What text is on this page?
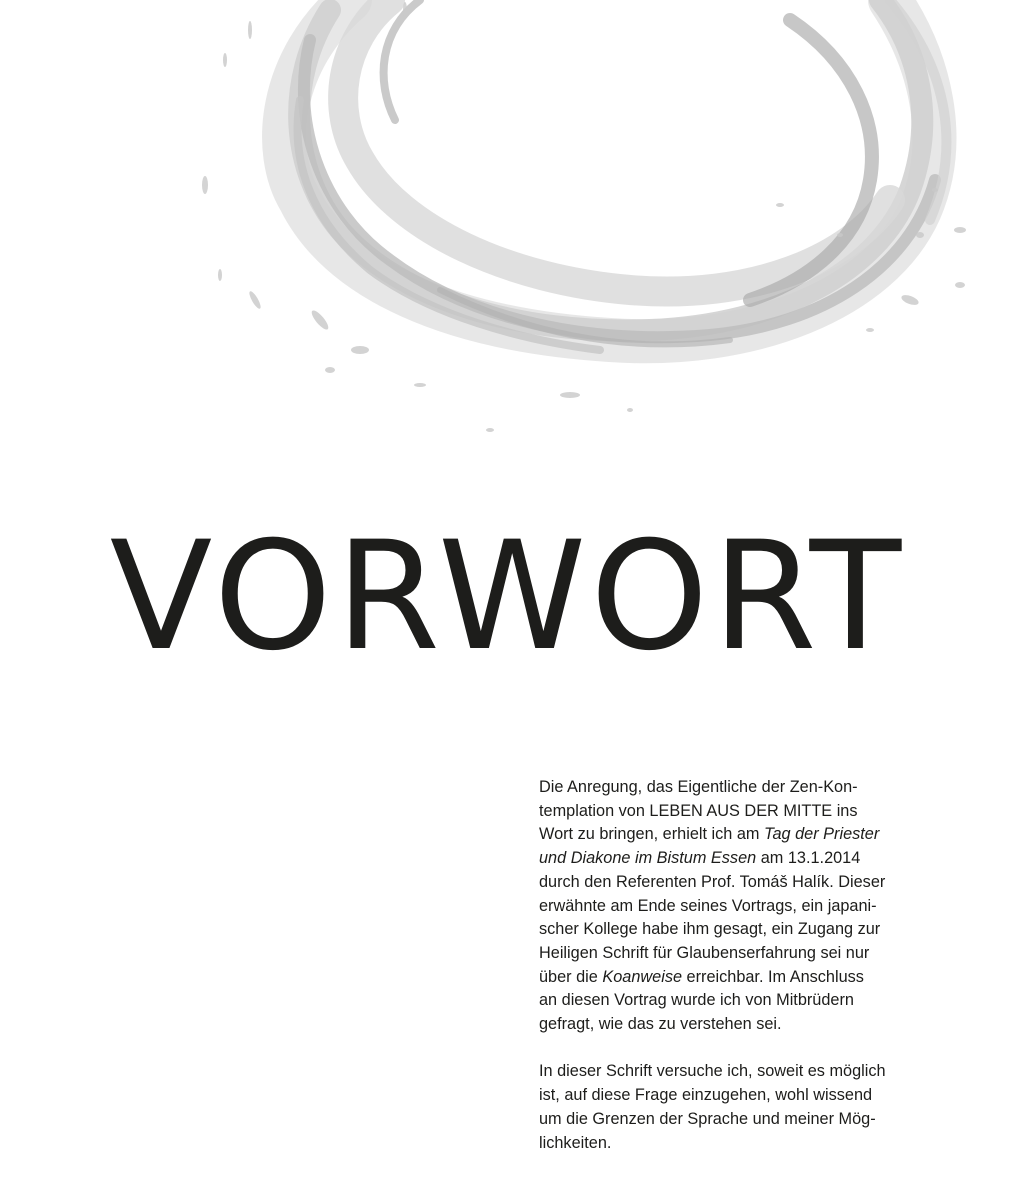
VORWORT

Die Anregung, das Eigentliche der Zen-Kon-
templation von LEBEN AUS DER MITTE ins
Wort zu bringen, erhielt ich am Tag der Priester
und Diakone im Bistum Essen am 13.1.2014
durch den Referenten Prof. Tomáš Halík. Dieser
erwähnte am Ende seines Vortrags, ein japani-
scher Kollege habe ihm gesagt, ein Zugang zur
Heiligen Schrift für Glaubenserfahrung sei nur
über die Koanweise erreichbar. Im Anschluss
an diesen Vortrag wurde ich von Mitbrüdern
gefragt, wie das zu verstehen sei.

In dieser Schrift versuche ich, soweit es möglich
ist, auf diese Frage einzugehen, wohl wissend
um die Grenzen der Sprache und meiner Mög-
lichkeiten.
